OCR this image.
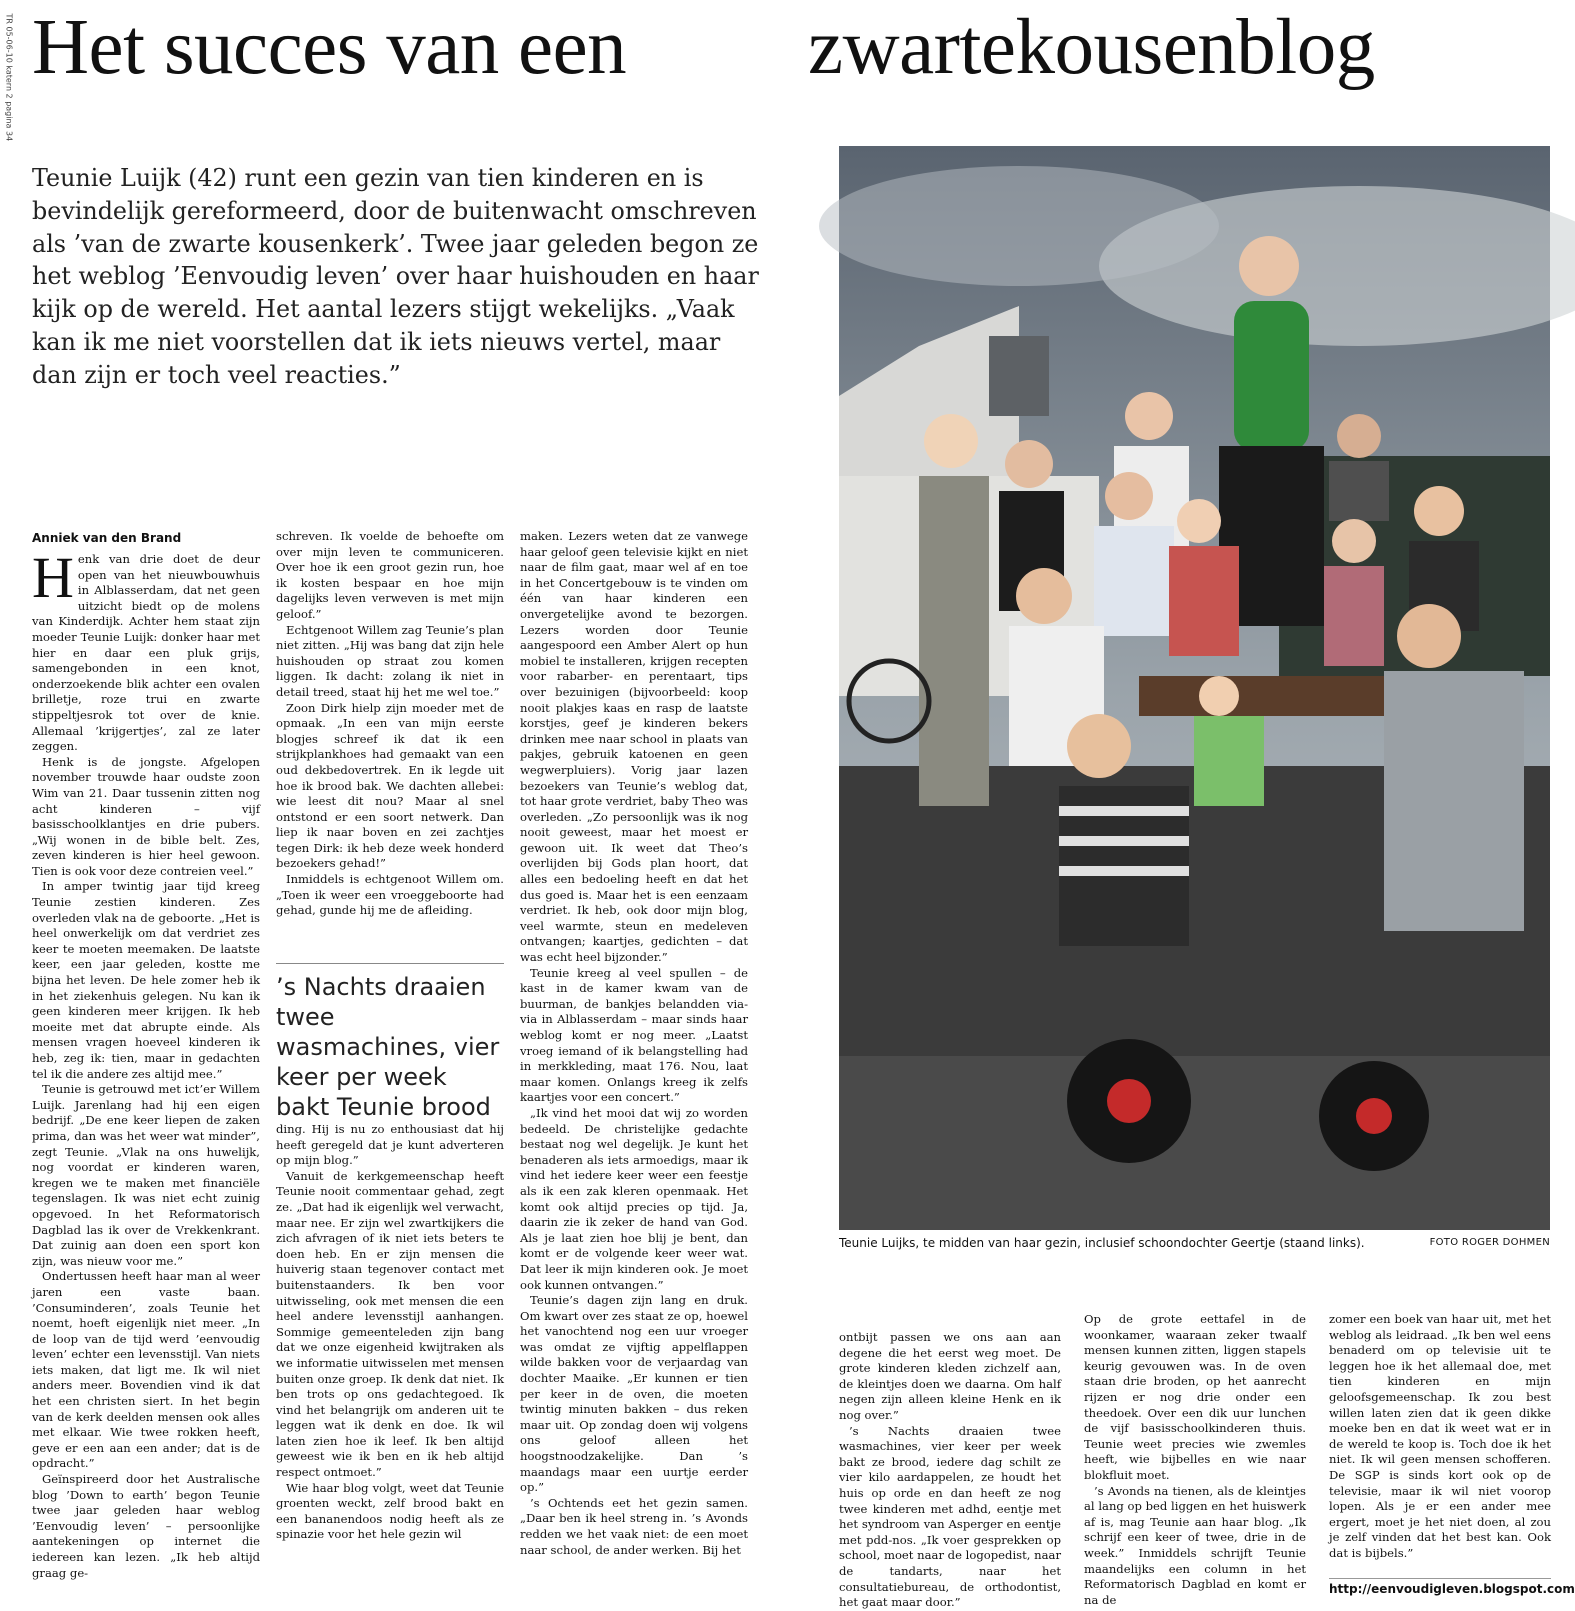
TR 05-06-10 katern 2 pagina 34 Het succes van een zwartekousenblog
Teunie Luijk (42) runt een gezin van tien kinderen en is bevindelijk gereformeerd, door de buitenwacht omschreven als ’van de zwarte kousenkerk’. Twee jaar geleden begon ze het weblog ’Eenvoudig leven’ over haar huishouden en haar kijk op de wereld. Het aantal lezers stijgt wekelijks. „Vaak kan ik me niet voorstellen dat ik iets nieuws vertel, maar dan zijn er toch veel reacties.”
Teunie Luijks, te midden van haar gezin, inclusief schoondochter Geertje (staand links).	FOTO ROGER DOHMEN
Anniek van den Brand
H enk van drie doet de deur open van het nieuwbouwhuis in Alblasserdam, dat net geen uitzicht biedt op de molens van Kinderdijk. Achter hem staat zijn moeder Teunie Luijk: donker haar met hier en daar een pluk grijs, samengebonden in een knot, onderzoekende blik achter een ovalen brilletje, roze trui en zwarte stippeltjesrok tot over de knie. Allemaal ’krijgertjes’, zal ze later zeggen.

Henk is de jongste. Afgelopen november trouwde haar oudste zoon Wim van 21. Daar tussenin zitten nog acht kinderen – vijf basisschoolklantjes en drie pubers. „Wij wonen in de bible belt. Zes, zeven kinderen is hier heel gewoon. Tien is ook voor deze contreien veel.”

In amper twintig jaar tijd kreeg Teunie zestien kinderen. Zes overleden vlak na de geboorte. „Het is heel onwerkelijk om dat verdriet zes keer te moeten meemaken. De laatste keer, een jaar geleden, kostte me bijna het leven. De hele zomer heb ik in het ziekenhuis gelegen. Nu kan ik geen kinderen meer krijgen. Ik heb moeite met dat abrupte einde. Als mensen vragen hoeveel kinderen ik heb, zeg ik: tien, maar in gedachten tel ik die andere zes altijd mee.”

Teunie is getrouwd met ict’er Willem Luijk. Jarenlang had hij een eigen bedrijf. „De ene keer liepen de zaken prima, dan was het weer wat minder”, zegt Teunie. „Vlak na ons huwelijk, nog voordat er kinderen waren, kregen we te maken met financiële tegenslagen. Ik was niet echt zuinig opgevoed. In het Reformatorisch Dagblad las ik over de Vrekkenkrant. Dat zuinig aan doen een sport kon zijn, was nieuw voor me.”

Ondertussen heeft haar man al weer jaren een vaste baan. ’Consuminderen’, zoals Teunie het noemt, hoeft eigenlijk niet meer. „In de loop van de tijd werd ’eenvoudig leven’ echter een levensstijl. Van niets iets maken, dat ligt me. Ik wil niet anders meer. Bovendien vind ik dat het een christen siert. In het begin van de kerk deelden mensen ook alles met elkaar. Wie twee rokken heeft, geve er een aan een ander; dat is de opdracht.”

Geïnspireerd door het Australische blog ’Down to earth’ begon Teunie twee jaar geleden haar weblog ’Eenvoudig leven’ – persoonlijke aantekeningen op internet die iedereen kan lezen. „Ik heb altijd graag ge-

schreven. Ik voelde de behoefte om over mijn leven te communiceren. Over hoe ik een groot gezin run, hoe ik kosten bespaar en hoe mijn dagelijks leven verweven is met mijn geloof.”

Echtgenoot Willem zag Teunie’s plan niet zitten. „Hij was bang dat zijn hele huishouden op straat zou komen liggen. Ik dacht: zolang ik niet in detail treed, staat hij het me wel toe.”

Zoon Dirk hielp zijn moeder met de opmaak. „In een van mijn eerste blogjes schreef ik dat ik een strijkplankhoes had gemaakt van een oud dekbedovertrek. En ik legde uit hoe ik brood bak. We dachten allebei: wie leest dit nou? Maar al snel ontstond er een soort netwerk. Dan liep ik naar boven en zei zachtjes tegen Dirk: ik heb deze week honderd bezoekers gehad!”

Inmiddels is echtgenoot Willem om. „Toen ik weer een vroeggeboorte had gehad, gunde hij me de afleiding.

’s Nachts draaien twee wasmachines, vier keer per week bakt Teunie brood

ding. Hij is nu zo enthousiast dat hij heeft geregeld dat je kunt adverteren op mijn blog.”

Vanuit de kerkgemeenschap heeft Teunie nooit commentaar gehad, zegt ze. „Dat had ik eigenlijk wel verwacht, maar nee. Er zijn wel zwartkijkers die zich afvragen of ik niet iets beters te doen heb. En er zijn mensen die huiverig staan tegenover contact met buitenstaanders. Ik ben voor uitwisseling, ook met mensen die een heel andere levensstijl aanhangen. Sommige gemeenteleden zijn bang dat we onze eigenheid kwijtraken als we informatie uitwisselen met mensen buiten onze groep. Ik denk dat niet. Ik ben trots op ons gedachtegoed. Ik vind het belangrijk om anderen uit te leggen wat ik denk en doe. Ik wil laten zien hoe ik leef. Ik ben altijd geweest wie ik ben en ik heb altijd respect ontmoet.”

Wie haar blog volgt, weet dat Teunie groenten weckt, zelf brood bakt en een bananendoos nodig heeft als ze spinazie voor het hele gezin wil

maken. Lezers weten dat ze vanwege haar geloof geen televisie kijkt en niet naar de film gaat, maar wel af en toe in het Concertgebouw is te vinden om één van haar kinderen een onvergetelijke avond te bezorgen. Lezers worden door Teunie aangespoord een Amber Alert op hun mobiel te installeren, krijgen recepten voor rabarber- en perentaart, tips over bezuinigen (bijvoorbeeld: koop nooit plakjes kaas en rasp de laatste korstjes, geef je kinderen bekers drinken mee naar school in plaats van pakjes, gebruik katoenen en geen wegwerpluiers). Vorig jaar lazen bezoekers van Teunie’s weblog dat, tot haar grote verdriet, baby Theo was overleden. „Zo persoonlijk was ik nog nooit geweest, maar het moest er gewoon uit. Ik weet dat Theo’s overlijden bij Gods plan hoort, dat alles een bedoeling heeft en dat het dus goed is. Maar het is een eenzaam verdriet. Ik heb, ook door mijn blog, veel warmte, steun en medeleven ontvangen; kaartjes, gedichten – dat was echt heel bijzonder.”

Teunie kreeg al veel spullen – de kast in de kamer kwam van de buurman, de bankjes belandden via-via in Alblasserdam – maar sinds haar weblog komt er nog meer. „Laatst vroeg iemand of ik belangstelling had in merkkleding, maat 176. Nou, laat maar komen. Onlangs kreeg ik zelfs kaartjes voor een concert.”

„Ik vind het mooi dat wij zo worden bedeeld. De christelijke gedachte bestaat nog wel degelijk. Je kunt het benaderen als iets armoedigs, maar ik vind het iedere keer weer een feestje als ik een zak kleren openmaak. Het komt ook altijd precies op tijd. Ja, daarin zie ik zeker de hand van God. Als je laat zien hoe blij je bent, dan komt er de volgende keer weer wat. Dat leer ik mijn kinderen ook. Je moet ook kunnen ontvangen.”

Teunie’s dagen zijn lang en druk. Om kwart over zes staat ze op, hoewel het vanochtend nog een uur vroeger was omdat ze vijftig appelflappen wilde bakken voor de verjaardag van dochter Maaike. „Er kunnen er tien per keer in de oven, die moeten twintig minuten bakken – dus reken maar uit. Op zondag doen wij volgens ons geloof alleen het hoogstnoodzakelijke. Dan ’s maandags maar een uurtje eerder op.”

’s Ochtends eet het gezin samen. „Daar ben ik heel streng in. ’s Avonds redden we het vaak niet: de een moet naar school, de ander werken. Bij het

ontbijt passen we ons aan aan degene die het eerst weg moet. De grote kinderen kleden zichzelf aan, de kleintjes doen we daarna. Om half negen zijn alleen kleine Henk en ik nog over.”

’s Nachts draaien twee wasmachines, vier keer per week bakt ze brood, iedere dag schilt ze vier kilo aardappelen, ze houdt het huis op orde en dan heeft ze nog twee kinderen met adhd, eentje met het syndroom van Asperger en eentje met pdd-nos. „Ik voer gesprekken op school, moet naar de logopedist, naar de tandarts, naar het consultatiebureau, de orthodontist, het gaat maar door.”

Op de grote eettafel in de woonkamer, waaraan zeker twaalf mensen kunnen zitten, liggen stapels keurig gevouwen was. In de oven staan drie broden, op het aanrecht rijzen er nog drie onder een theedoek. Over een dik uur lunchen de vijf basisschoolkinderen thuis. Teunie weet precies wie zwemles heeft, wie bijbelles en wie naar blokfluit moet.

’s Avonds na tienen, als de kleintjes al lang op bed liggen en het huiswerk af is, mag Teunie aan haar blog. „Ik schrijf een keer of twee, drie in de week.” Inmiddels schrijft Teunie maandelijks een column in het Reformatorisch Dagblad en komt er na de

zomer een boek van haar uit, met het weblog als leidraad. „Ik ben wel eens benaderd om op televisie uit te leggen hoe ik het allemaal doe, met tien kinderen en mijn geloofsgemeenschap. Ik zou best willen laten zien dat ik geen dikke moeke ben en dat ik weet wat er in de wereld te koop is. Toch doe ik het niet. Ik wil geen mensen schofferen. De SGP is sinds kort ook op de televisie, maar ik wil niet voorop lopen. Als je er een ander mee ergert, moet je het niet doen, al zou je zelf vinden dat het best kan. Ook dat is bijbels.”

http://eenvoudigleven.blogspot.com
